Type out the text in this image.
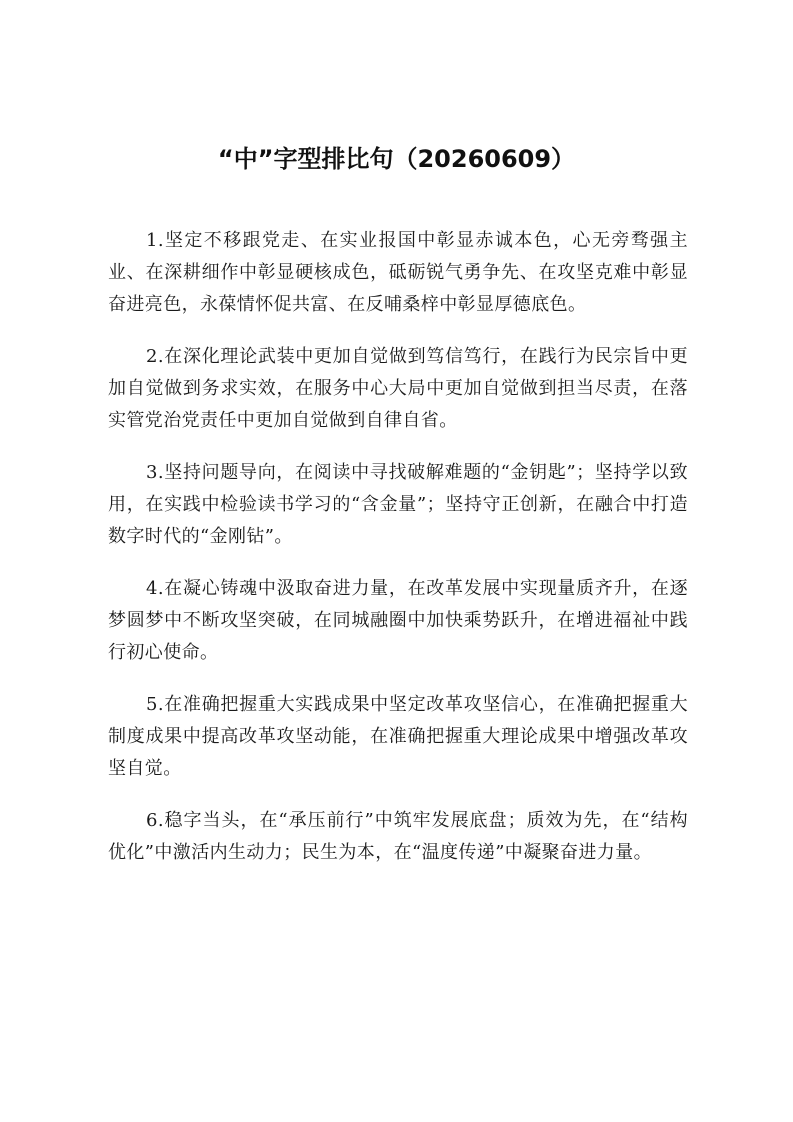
“中”字型排比句（20260609）

1.坚定不移跟党走、在实业报国中彰显赤诚本色，心无旁骛强主业、在深耕细作中彰显硬核成色，砥砺锐气勇争先、在攻坚克难中彰显奋进亮色，永葆情怀促共富、在反哺桑梓中彰显厚德底色。

2.在深化理论武装中更加自觉做到笃信笃行，在践行为民宗旨中更加自觉做到务求实效，在服务中心大局中更加自觉做到担当尽责，在落实管党治党责任中更加自觉做到自律自省。

3.坚持问题导向，在阅读中寻找破解难题的“金钥匙”；坚持学以致用，在实践中检验读书学习的“含金量”；坚持守正创新，在融合中打造数字时代的“金刚钻”。

4.在凝心铸魂中汲取奋进力量，在改革发展中实现量质齐升，在逐梦圆梦中不断攻坚突破，在同城融圈中加快乘势跃升，在增进福祉中践行初心使命。

5.在准确把握重大实践成果中坚定改革攻坚信心，在准确把握重大制度成果中提高改革攻坚动能，在准确把握重大理论成果中增强改革攻坚自觉。

6.稳字当头，在“承压前行”中筑牢发展底盘；质效为先，在“结构优化”中激活内生动力；民生为本，在“温度传递”中凝聚奋进力量。
